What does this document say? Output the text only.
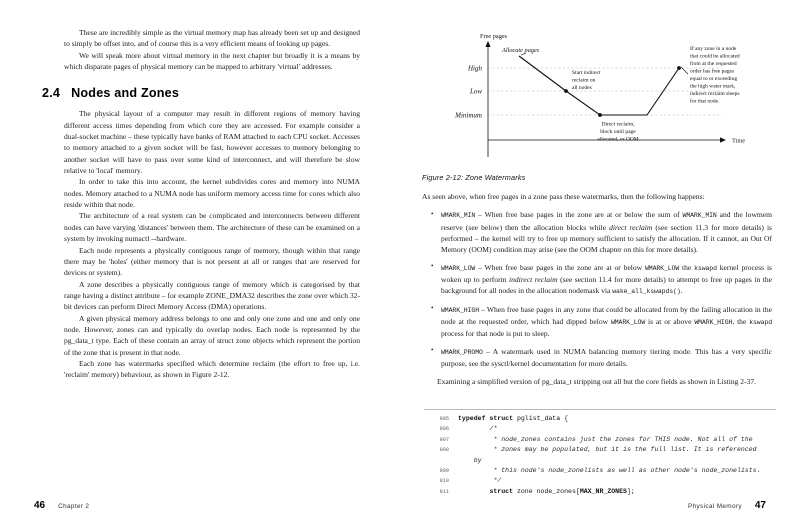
These are incredibly simple as the virtual memory map has already been set up and designed to simply be offset into, and of course this is a very efficient means of looking up pages.

We will speak more about virtual memory in the next chapter but broadly it is a means by which disparate pages of physical memory can be mapped to arbitrary 'virtual' addresses.

2.4 Nodes and Zones

The physical layout of a computer may result in different regions of memory having different access times depending from which core they are accessed. For example consider a dual-socket machine – these typically have banks of RAM attached to each CPU socket. Accesses to memory attached to a given socket will be fast, however accesses to memory belonging to another socket will have to pass over some kind of interconnect, and will therefore be slow relative to 'local' memory.

In order to take this into account, the kernel subdivides cores and memory into NUMA nodes. Memory attached to a NUMA node has uniform memory access time for cores which also reside within that node.

The architecture of a real system can be complicated and interconnects between different nodes can have varying 'distances' between them. The architecture of these can be examined on a system by invoking numactl --hardware.

Each node represents a physically contiguous range of memory, though within that range there may be 'holes' (either memory that is not present at all or ranges that are reserved for devices or system).

A zone describes a physically contiguous range of memory which is categorised by that range having a distinct attribute – for example ZONE_DMA32 describes the zone over which 32-bit devices can perform Direct Memory Access (DMA) operations.

A given physical memory address belongs to one and only one zone and one and only one node. However, zones can and typically do overlap nodes. Each node is represented by the pg_data_t type. Each of these contain an array of struct zone objects which represent the portion of the zone that is present in that node.

Each zone has watermarks specified which determine reclaim (the effort to free up, i.e. 'reclaim' memory) behaviour, as shown in Figure 2-12.

Free pages
Time
High
Low
Minimum
Allocate pages
Start indirect
reclaim on
all nodes
Direct reclaim,
block until page
allocated, or OOM
If any zone in a node
that could be allocated
from at the requested
order has free pages
equal to or exceeding
the high water mark,
indirect reclaim sleeps
for that node.
Figure 2-12: Zone Watermarks

As seen above, when free pages in a zone pass these watermarks, then the following happens:

• WMARK_MIN – When free base pages in the zone are at or below the sum of WMARK_MIN and the lowmem reserve (see below) then the allocation blocks while direct reclaim (see section 11.3 for more details) is performed – the kernel will try to free up memory sufficient to satisfy the allocation. If it cannot, an Out Of Memory (OOM) condition may arise (see the OOM chapter on this for more details).
• WMARK_LOW – When free base pages in the zone are at or below WMARK_LOW the kswapd kernel process is woken up to perform indirect reclaim (see section 11.4 for more details) to attempt to free up pages in the background for all nodes in the allocation nodemask via wake_all_kswapds().
• WMARK_HIGH – When free base pages in any zone that could be allocated from by the failing allocation in the node at the requested order, which had dipped below WMARK_LOW is at or above WMARK_HIGH, the kswapd process for that node is put to sleep.
• WMARK_PROMO – A watermark used in NUMA balancing memory tiering mode. This has a very specific purpose, see the sysctl/kernel documentation for more details.

Examining a simplified version of pg_data_t stripping out all but the core fields as shown in Listing 2-37.

905	typedef struct pglist_data {
906	/*
907	* node_zones contains just the zones for THIS node. Not all of the
908	* zones may be populated, but it is the full list. It is referenced
by
909	* this node's node_zonelists as well as other node's node_zonelists.
910	*/
911	struct zone node_zones[MAX_NR_ZONES];
46 Chapter 2	Physical Memory 47
